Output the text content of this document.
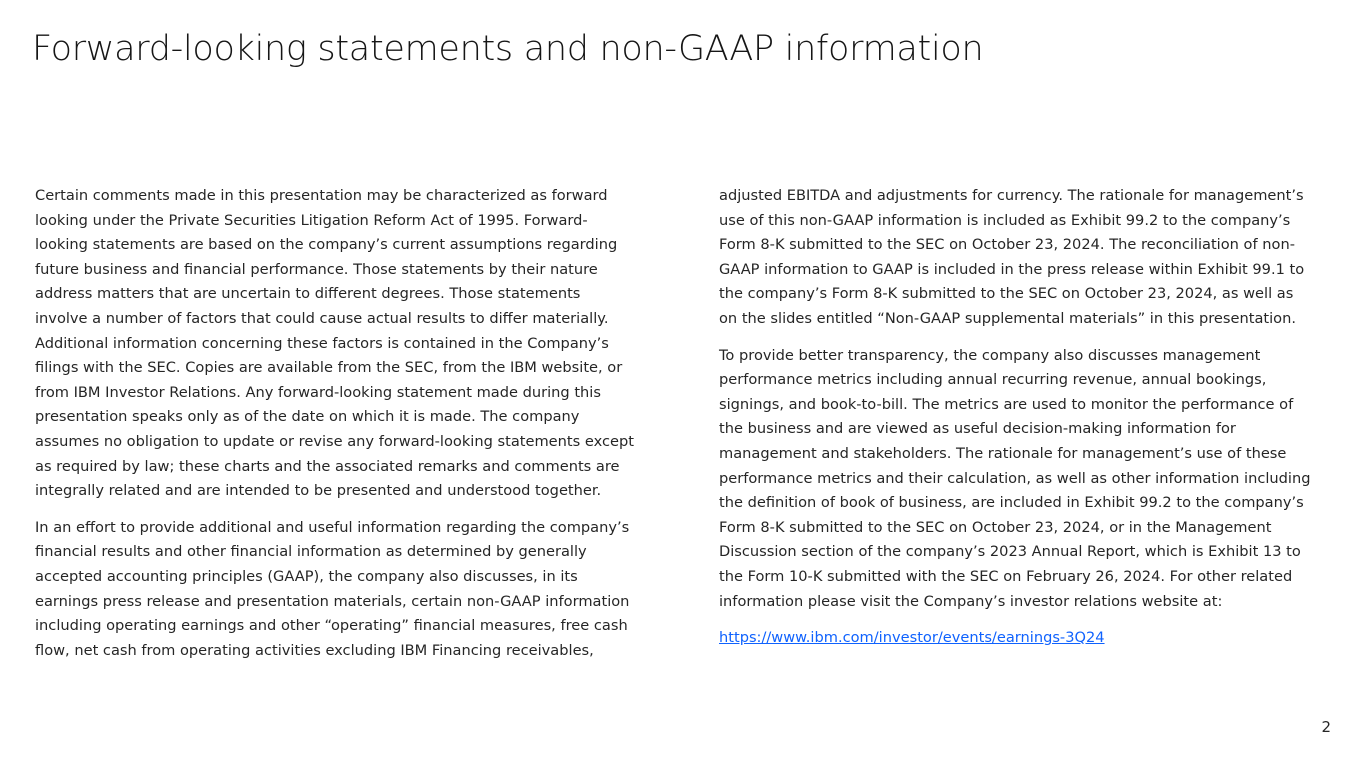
Forward-looking statements and non-GAAP information

Certain comments made in this presentation may be characterized as forward
looking under the Private Securities Litigation Reform Act of 1995. Forward-
looking statements are based on the company’s current assumptions regarding
future business and financial performance. Those statements by their nature
address matters that are uncertain to different degrees. Those statements
involve a number of factors that could cause actual results to differ materially.
Additional information concerning these factors is contained in the Company’s
filings with the SEC. Copies are available from the SEC, from the IBM website, or
from IBM Investor Relations. Any forward-looking statement made during this
presentation speaks only as of the date on which it is made. The company
assumes no obligation to update or revise any forward-looking statements except
as required by law; these charts and the associated remarks and comments are
integrally related and are intended to be presented and understood together.

In an effort to provide additional and useful information regarding the company’s
financial results and other financial information as determined by generally
accepted accounting principles (GAAP), the company also discusses, in its
earnings press release and presentation materials, certain non-GAAP information
including operating earnings and other “operating” financial measures, free cash
flow, net cash from operating activities excluding IBM Financing receivables,

adjusted EBITDA and adjustments for currency. The rationale for management’s
use of this non-GAAP information is included as Exhibit 99.2 to the company’s
Form 8-K submitted to the SEC on October 23, 2024. The reconciliation of non-
GAAP information to GAAP is included in the press release within Exhibit 99.1 to
the company’s Form 8-K submitted to the SEC on October 23, 2024, as well as
on the slides entitled “Non-GAAP supplemental materials” in this presentation.

To provide better transparency, the company also discusses management
performance metrics including annual recurring revenue, annual bookings,
signings, and book-to-bill. The metrics are used to monitor the performance of
the business and are viewed as useful decision-making information for
management and stakeholders. The rationale for management’s use of these
performance metrics and their calculation, as well as other information including
the definition of book of business, are included in Exhibit 99.2 to the company’s
Form 8-K submitted to the SEC on October 23, 2024, or in the Management
Discussion section of the company’s 2023 Annual Report, which is Exhibit 13 to
the Form 10-K submitted with the SEC on February 26, 2024. For other related
information please visit the Company’s investor relations website at:

https://www.ibm.com/investor/events/earnings-3Q24

2
